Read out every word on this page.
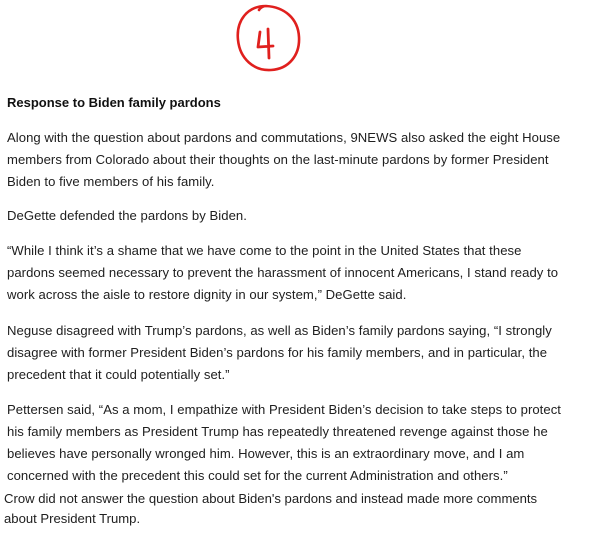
Response to Biden family pardons
Along with the question about pardons and commutations, 9NEWS also asked the eight House
members from Colorado about their thoughts on the last-minute pardons by former President
Biden to five members of his family.
DeGette defended the pardons by Biden.
“While I think it’s a shame that we have come to the point in the United States that these
pardons seemed necessary to prevent the harassment of innocent Americans, I stand ready to
work across the aisle to restore dignity in our system,” DeGette said.
Neguse disagreed with Trump’s pardons, as well as Biden’s family pardons saying, “I strongly
disagree with former President Biden’s pardons for his family members, and in particular, the
precedent that it could potentially set.”
Pettersen said, “As a mom, I empathize with President Biden’s decision to take steps to protect
his family members as President Trump has repeatedly threatened revenge against those he
believes have personally wronged him. However, this is an extraordinary move, and I am
concerned with the precedent this could set for the current Administration and others.”
Crow did not answer the question about Biden's pardons and instead made more comments
about President Trump.
